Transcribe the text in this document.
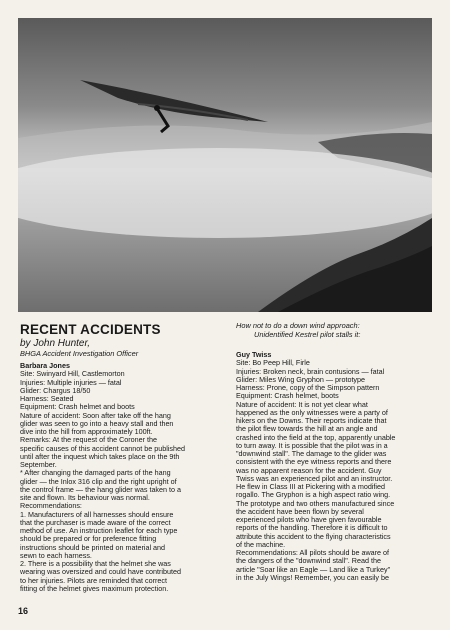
RECENT ACCIDENTS
by John Hunter,
BHGA Accident Investigation Officer
Barbara Jones

Site: Swinyard Hill, Castlemorton

Injuries: Multiple injuries — fatal

Glider: Chargus 18/50

Harness: Seated

Equipment: Crash helmet and boots

Nature of accident: Soon after take off the hang

glider was seen to go into a heavy stall and then

dive into the hill from approximately 100ft.

Remarks: At the request of the Coroner the

specific causes of this accident cannot be published

until after the inquest which takes place on the 9th

September.

* After changing the damaged parts of the hang

glider — the Inlox 316 clip and the right upright of

the control frame — the hang glider was taken to a

site and flown. Its behaviour was normal.

Recommendations:

1. Manufacturers of all harnesses should ensure

that the purchaser is made aware of the correct

method of use. An instruction leaflet for each type

should be prepared or for preference fitting

instructions should be printed on material and

sewn to each harness.

2. There is a possibility that the helmet she was

wearing was oversized and could have contributed

to her injuries. Pilots are reminded that correct

fitting of the helmet gives maximum protection.

How not to do a down wind approach:
Unidentified Kestrel pilot stalls it:
Guy Twiss

Site: Bo Peep Hill, Firle

Injuries: Broken neck, brain contusions — fatal

Glider: Miles Wing Gryphon — prototype

Harness: Prone, copy of the Simpson pattern

Equipment: Crash helmet, boots

Nature of accident: It is not yet clear what

happened as the only witnesses were a party of

hikers on the Downs. Their reports indicate that

the pilot flew towards the hill at an angle and

crashed into the field at the top, apparently unable

to turn away. It is possible that the pilot was in a

"downwind stall". The damage to the glider was

consistent with the eye witness reports and there

was no apparent reason for the accident. Guy

Twiss was an experienced pilot and an instructor.

He flew in Class III at Pickering with a modified

rogallo. The Gryphon is a high aspect ratio wing.

The prototype and two others manufactured since

the accident have been flown by several

experienced pilots who have given favourable

reports of the handling. Therefore it is difficult to

attribute this accident to the flying characteristics

of the machine.

Recommendations: All pilots should be aware of

the dangers of the "downwind stall". Read the

article "Soar like an Eagle — Land like a Turkey"

in the July Wings! Remember, you can easily be

16
